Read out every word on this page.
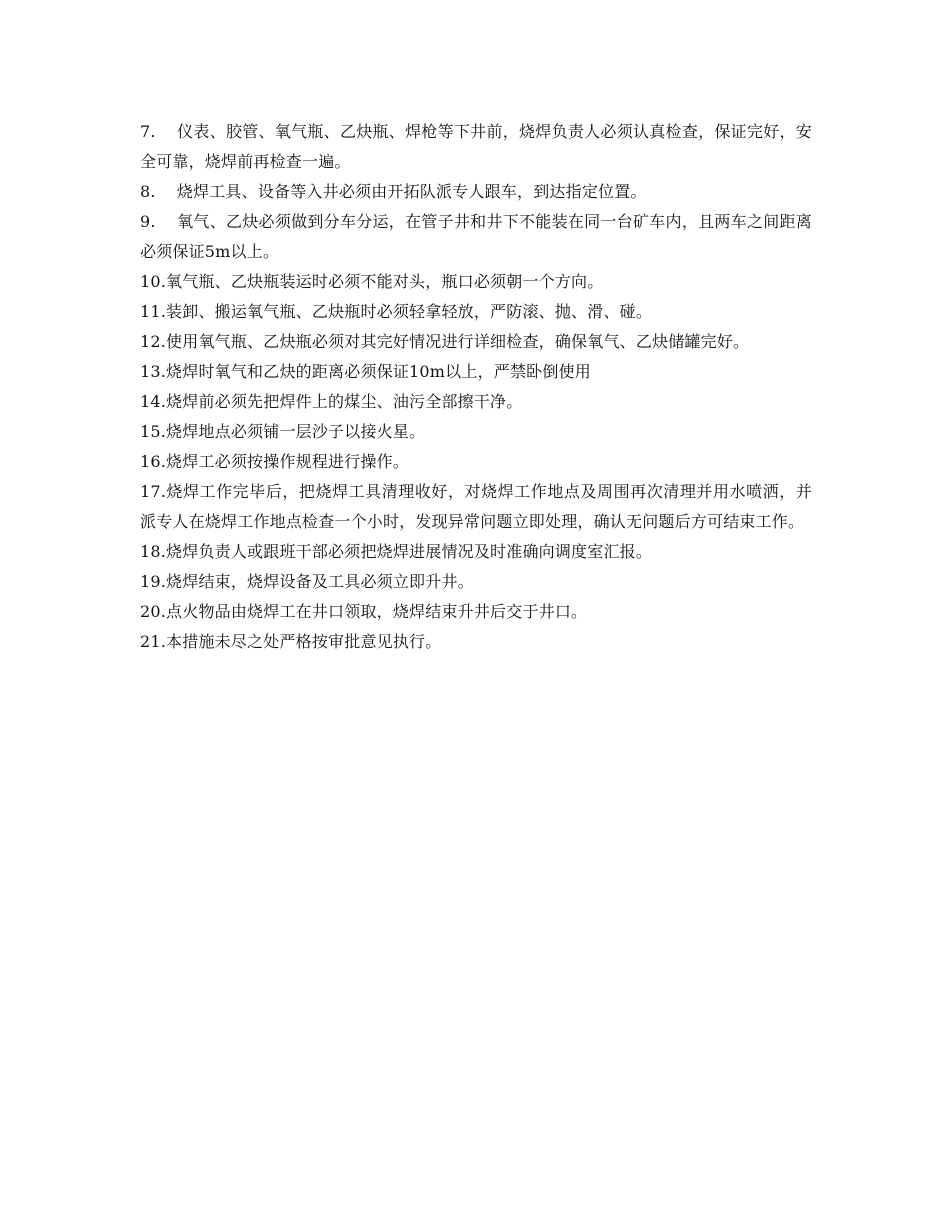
7.    仪表、胶管、氧气瓶、乙炔瓶、焊枪等下井前，烧焊负责人必须认真检查，保证完好，安全可靠，烧焊前再检查一遍。

8.    烧焊工具、设备等入井必须由开拓队派专人跟车，到达指定位置。

9.    氧气、乙炔必须做到分车分运，在管子井和井下不能装在同一台矿车内，且两车之间距离必须保证5m以上。

10.氧气瓶、乙炔瓶装运时必须不能对头，瓶口必须朝一个方向。

11.装卸、搬运氧气瓶、乙炔瓶时必须轻拿轻放，严防滚、抛、滑、碰。

12.使用氧气瓶、乙炔瓶必须对其完好情况进行详细检查，确保氧气、乙炔储罐完好。

13.烧焊时氧气和乙炔的距离必须保证10m以上，严禁卧倒使用

14.烧焊前必须先把焊件上的煤尘、油污全部擦干净。

15.烧焊地点必须铺一层沙子以接火星。

16.烧焊工必须按操作规程进行操作。

17.烧焊工作完毕后，把烧焊工具清理收好，对烧焊工作地点及周围再次清理并用水喷洒，并派专人在烧焊工作地点检查一个小时，发现异常问题立即处理，确认无问题后方可结束工作。

18.烧焊负责人或跟班干部必须把烧焊进展情况及时准确向调度室汇报。

19.烧焊结束，烧焊设备及工具必须立即升井。

20.点火物品由烧焊工在井口领取，烧焊结束升井后交于井口。

21.本措施未尽之处严格按审批意见执行。
